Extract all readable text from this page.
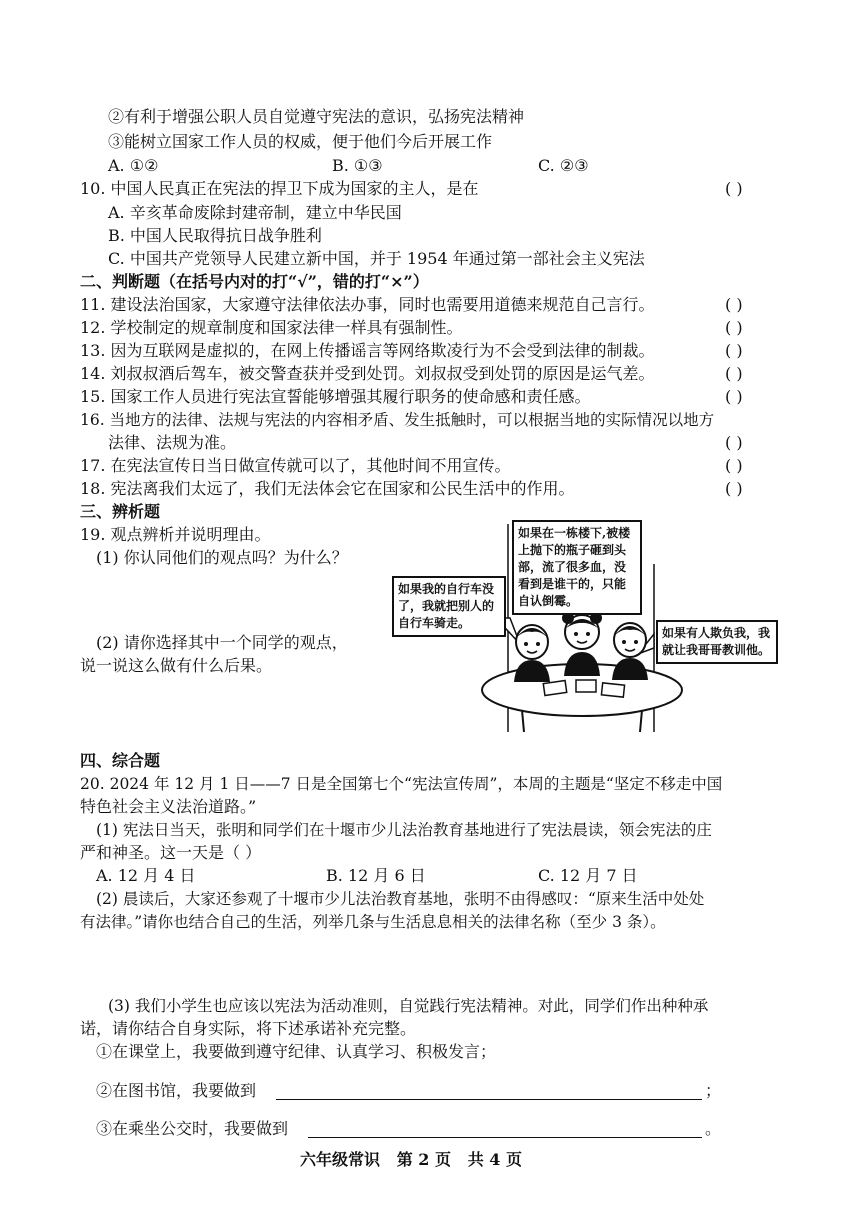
②有利于增强公职人员自觉遵守宪法的意识，弘扬宪法精神
③能树立国家工作人员的权威，便于他们今后开展工作
A. ①②	B. ①③	C. ②③
10. 中国人民真正在宪法的捍卫下成为国家的主人，是在	( )
A. 辛亥革命废除封建帝制，建立中华民国
B. 中国人民取得抗日战争胜利
C. 中国共产党领导人民建立新中国，并于 1954 年通过第一部社会主义宪法
二、判断题（在括号内对的打“√”，错的打“×”）
11. 建设法治国家，大家遵守法律依法办事，同时也需要用道德来规范自己言行。	( )
12. 学校制定的规章制度和国家法律一样具有强制性。	( )
13. 因为互联网是虚拟的，在网上传播谣言等网络欺凌行为不会受到法律的制裁。	( )
14. 刘叔叔酒后驾车，被交警查获并受到处罚。刘叔叔受到处罚的原因是运气差。	( )
15. 国家工作人员进行宪法宣誓能够增强其履行职务的使命感和责任感。	( )
16. 当地方的法律、法规与宪法的内容相矛盾、发生抵触时，可以根据当地的实际情况以地方
法律、法规为准。	( )
17. 在宪法宣传日当日做宣传就可以了，其他时间不用宣传。	( )
18. 宪法离我们太远了，我们无法体会它在国家和公民生活中的作用。	( )
三、辨析题
19. 观点辨析并说明理由。
(1) 你认同他们的观点吗？为什么？
(2) 请你选择其中一个同学的观点，
说一说这么做有什么后果。
如果在一栋楼下,被楼上抛下的瓶子砸到头部，流了很多血，没看到是谁干的，只能自认倒霉。
如果我的自行车没了，我就把别人的自行车骑走。
如果有人欺负我，我就让我哥哥教训他。
四、综合题
20. 2024 年 12 月 1 日——7 日是全国第七个“宪法宣传周”，本周的主题是“坚定不移走中国
特色社会主义法治道路。”
(1) 宪法日当天，张明和同学们在十堰市少儿法治教育基地进行了宪法晨读，领会宪法的庄
严和神圣。这一天是（ ）
A. 12 月 4 日	B. 12 月 6 日	C. 12 月 7 日
(2) 晨读后，大家还参观了十堰市少儿法治教育基地，张明不由得感叹：“原来生活中处处
有法律。”请你也结合自己的生活，列举几条与生活息息相关的法律名称（至少 3 条）。
(3) 我们小学生也应该以宪法为活动准则，自觉践行宪法精神。对此，同学们作出种种承
诺，请你结合自身实际，将下述承诺补充完整。
①在课堂上，我要做到遵守纪律、认真学习、积极发言；
②在图书馆，我要做到	；
③在乘坐公交时，我要做到	。
六年级常识   第 2 页   共 4 页
